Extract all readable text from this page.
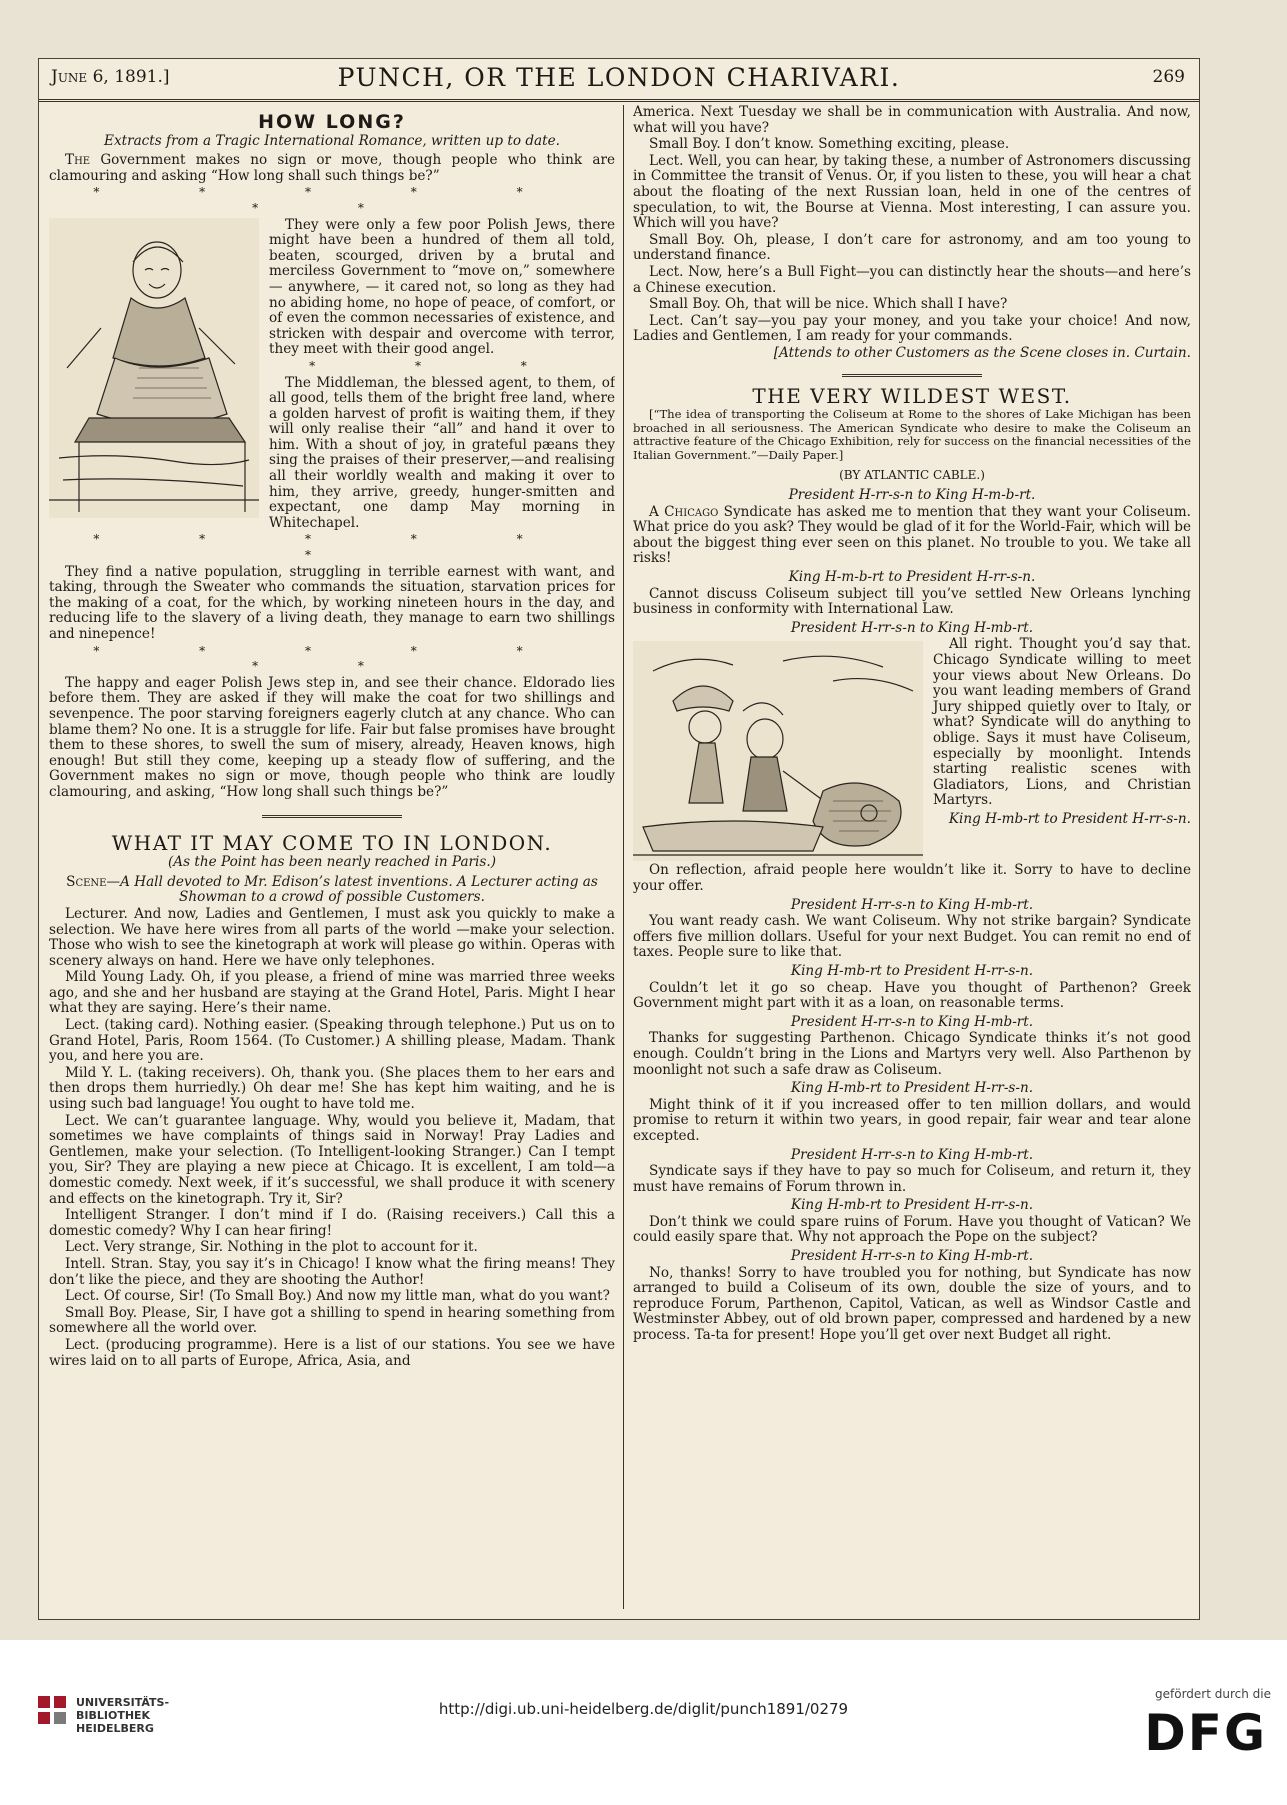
June 6, 1891.]	PUNCH, OR THE LONDON CHARIVARI.	269
HOW LONG?
Extracts from a Tragic International Romance, written up to date.

The Government makes no sign or move, though people who think are clamouring and asking “How long shall such things be?”

* * * * * * *

They were only a few poor Polish Jews, there might have been a hundred of them all told, beaten, scourged, driven by a brutal and merciless Government to “move on,” somewhere — anywhere, — it cared not, so long as they had no abiding home, no hope of peace, of comfort, or of even the common necessaries of existence, and stricken with despair and overcome with terror, they meet with their good angel.

* * *

The Middleman, the blessed agent, to them, of all good, tells them of the bright free land, where a golden harvest of profit is waiting them, if they will only realise their “all” and hand it over to him. With a shout of joy, in grateful pæans they sing the praises of their preserver,—and realising all their worldly wealth and making it over to him, they arrive, greedy, hunger-smitten and expectant, one damp May morning in Whitechapel.

* * * * * *

They find a native population, struggling in terrible earnest with want, and taking, through the Sweater who commands the situation, starvation prices for the making of a coat, for the which, by working nineteen hours in the day, and reducing life to the slavery of a living death, they manage to earn two shillings and ninepence!

* * * * * * *

The happy and eager Polish Jews step in, and see their chance. Eldorado lies before them. They are asked if they will make the coat for two shillings and sevenpence. The poor starving foreigners eagerly clutch at any chance. Who can blame them? No one. It is a struggle for life. Fair but false promises have brought them to these shores, to swell the sum of misery, already, Heaven knows, high enough! But still they come, keeping up a steady flow of suffering, and the Government makes no sign or move, though people who think are loudly clamouring, and asking, “How long shall such things be?”

WHAT IT MAY COME TO IN LONDON.
(As the Point has been nearly reached in Paris.)

Scene—A Hall devoted to Mr. Edison’s latest inventions. A Lecturer acting as Showman to a crowd of possible Customers.

Lecturer. And now, Ladies and Gentlemen, I must ask you quickly to make a selection. We have here wires from all parts of the world —make your selection. Those who wish to see the kinetograph at work will please go within. Operas with scenery always on hand. Here we have only telephones.

Mild Young Lady. Oh, if you please, a friend of mine was married three weeks ago, and she and her husband are staying at the Grand Hotel, Paris. Might I hear what they are saying. Here’s their name.

Lect. (taking card). Nothing easier. (Speaking through telephone.) Put us on to Grand Hotel, Paris, Room 1564. (To Customer.) A shilling please, Madam. Thank you, and here you are.

Mild Y. L. (taking receivers). Oh, thank you. (She places them to her ears and then drops them hurriedly.) Oh dear me! She has kept him waiting, and he is using such bad language! You ought to have told me.

Lect. We can’t guarantee language. Why, would you believe it, Madam, that sometimes we have complaints of things said in Norway! Pray Ladies and Gentlemen, make your selection. (To Intelligent-looking Stranger.) Can I tempt you, Sir? They are playing a new piece at Chicago. It is excellent, I am told—a domestic comedy. Next week, if it’s successful, we shall produce it with scenery and effects on the kinetograph. Try it, Sir?

Intelligent Stranger. I don’t mind if I do. (Raising receivers.) Call this a domestic comedy? Why I can hear firing!

Lect. Very strange, Sir. Nothing in the plot to account for it.

Intell. Stran. Stay, you say it’s in Chicago! I know what the firing means! They don’t like the piece, and they are shooting the Author!

Lect. Of course, Sir! (To Small Boy.) And now my little man, what do you want?

Small Boy. Please, Sir, I have got a shilling to spend in hearing something from somewhere all the world over.

Lect. (producing programme). Here is a list of our stations. You see we have wires laid on to all parts of Europe, Africa, Asia, and

America. Next Tuesday we shall be in communication with Australia. And now, what will you have?

Small Boy. I don’t know. Something exciting, please.

Lect. Well, you can hear, by taking these, a number of Astronomers discussing in Committee the transit of Venus. Or, if you listen to these, you will hear a chat about the floating of the next Russian loan, held in one of the centres of speculation, to wit, the Bourse at Vienna. Most interesting, I can assure you. Which will you have?

Small Boy. Oh, please, I don’t care for astronomy, and am too young to understand finance.

Lect. Now, here’s a Bull Fight—you can distinctly hear the shouts—and here’s a Chinese execution.

Small Boy. Oh, that will be nice. Which shall I have?

Lect. Can’t say—you pay your money, and you take your choice! And now, Ladies and Gentlemen, I am ready for your commands.

[Attends to other Customers as the Scene closes in. Curtain.

THE VERY WILDEST WEST.

[“The idea of transporting the Coliseum at Rome to the shores of Lake Michigan has been broached in all seriousness. The American Syndicate who desire to make the Coliseum an attractive feature of the Chicago Exhibition, rely for success on the financial necessities of the Italian Government.”—Daily Paper.]

(BY ATLANTIC CABLE.)
President H-rr-s-n to King H-m-b-rt.

A Chicago Syndicate has asked me to mention that they want your Coliseum. What price do you ask? They would be glad of it for the World-Fair, which will be about the biggest thing ever seen on this planet. No trouble to you. We take all risks!

King H-m-b-rt to President H-rr-s-n.

Cannot discuss Coliseum subject till you’ve settled New Orleans lynching business in conformity with International Law.

President H-rr-s-n to King H-mb-rt.

All right. Thought you’d say that. Chicago Syndicate willing to meet your views about New Orleans. Do you want leading members of Grand Jury shipped quietly over to Italy, or what? Syndicate will do anything to oblige. Says it must have Coliseum, especially by moonlight. Intends starting realistic scenes with Gladiators, Lions, and Christian Martyrs.

King H-mb-rt to President H-rr-s-n.

On reflection, afraid people here wouldn’t like it. Sorry to have to decline your offer.

President H-rr-s-n to King H-mb-rt.

You want ready cash. We want Coliseum. Why not strike bargain? Syndicate offers five million dollars. Useful for your next Budget. You can remit no end of taxes. People sure to like that.

King H-mb-rt to President H-rr-s-n.

Couldn’t let it go so cheap. Have you thought of Parthenon? Greek Government might part with it as a loan, on reasonable terms.

President H-rr-s-n to King H-mb-rt.

Thanks for suggesting Parthenon. Chicago Syndicate thinks it’s not good enough. Couldn’t bring in the Lions and Martyrs very well. Also Parthenon by moonlight not such a safe draw as Coliseum.

King H-mb-rt to President H-rr-s-n.

Might think of it if you increased offer to ten million dollars, and would promise to return it within two years, in good repair, fair wear and tear alone excepted.

President H-rr-s-n to King H-mb-rt.

Syndicate says if they have to pay so much for Coliseum, and return it, they must have remains of Forum thrown in.

King H-mb-rt to President H-rr-s-n.

Don’t think we could spare ruins of Forum. Have you thought of Vatican? We could easily spare that. Why not approach the Pope on the subject?

President H-rr-s-n to King H-mb-rt.

No, thanks! Sorry to have troubled you for nothing, but Syndicate has now arranged to build a Coliseum of its own, double the size of yours, and to reproduce Forum, Parthenon, Capitol, Vatican, as well as Windsor Castle and Westminster Abbey, out of old brown paper, compressed and hardened by a new process. Ta-ta for present! Hope you’ll get over next Budget all right.

UNIVERSITÄTS-
BIBLIOTHEK
HEIDELBERG
http://digi.ub.uni-heidelberg.de/diglit/punch1891/0279
gefördert durch die
DFG
